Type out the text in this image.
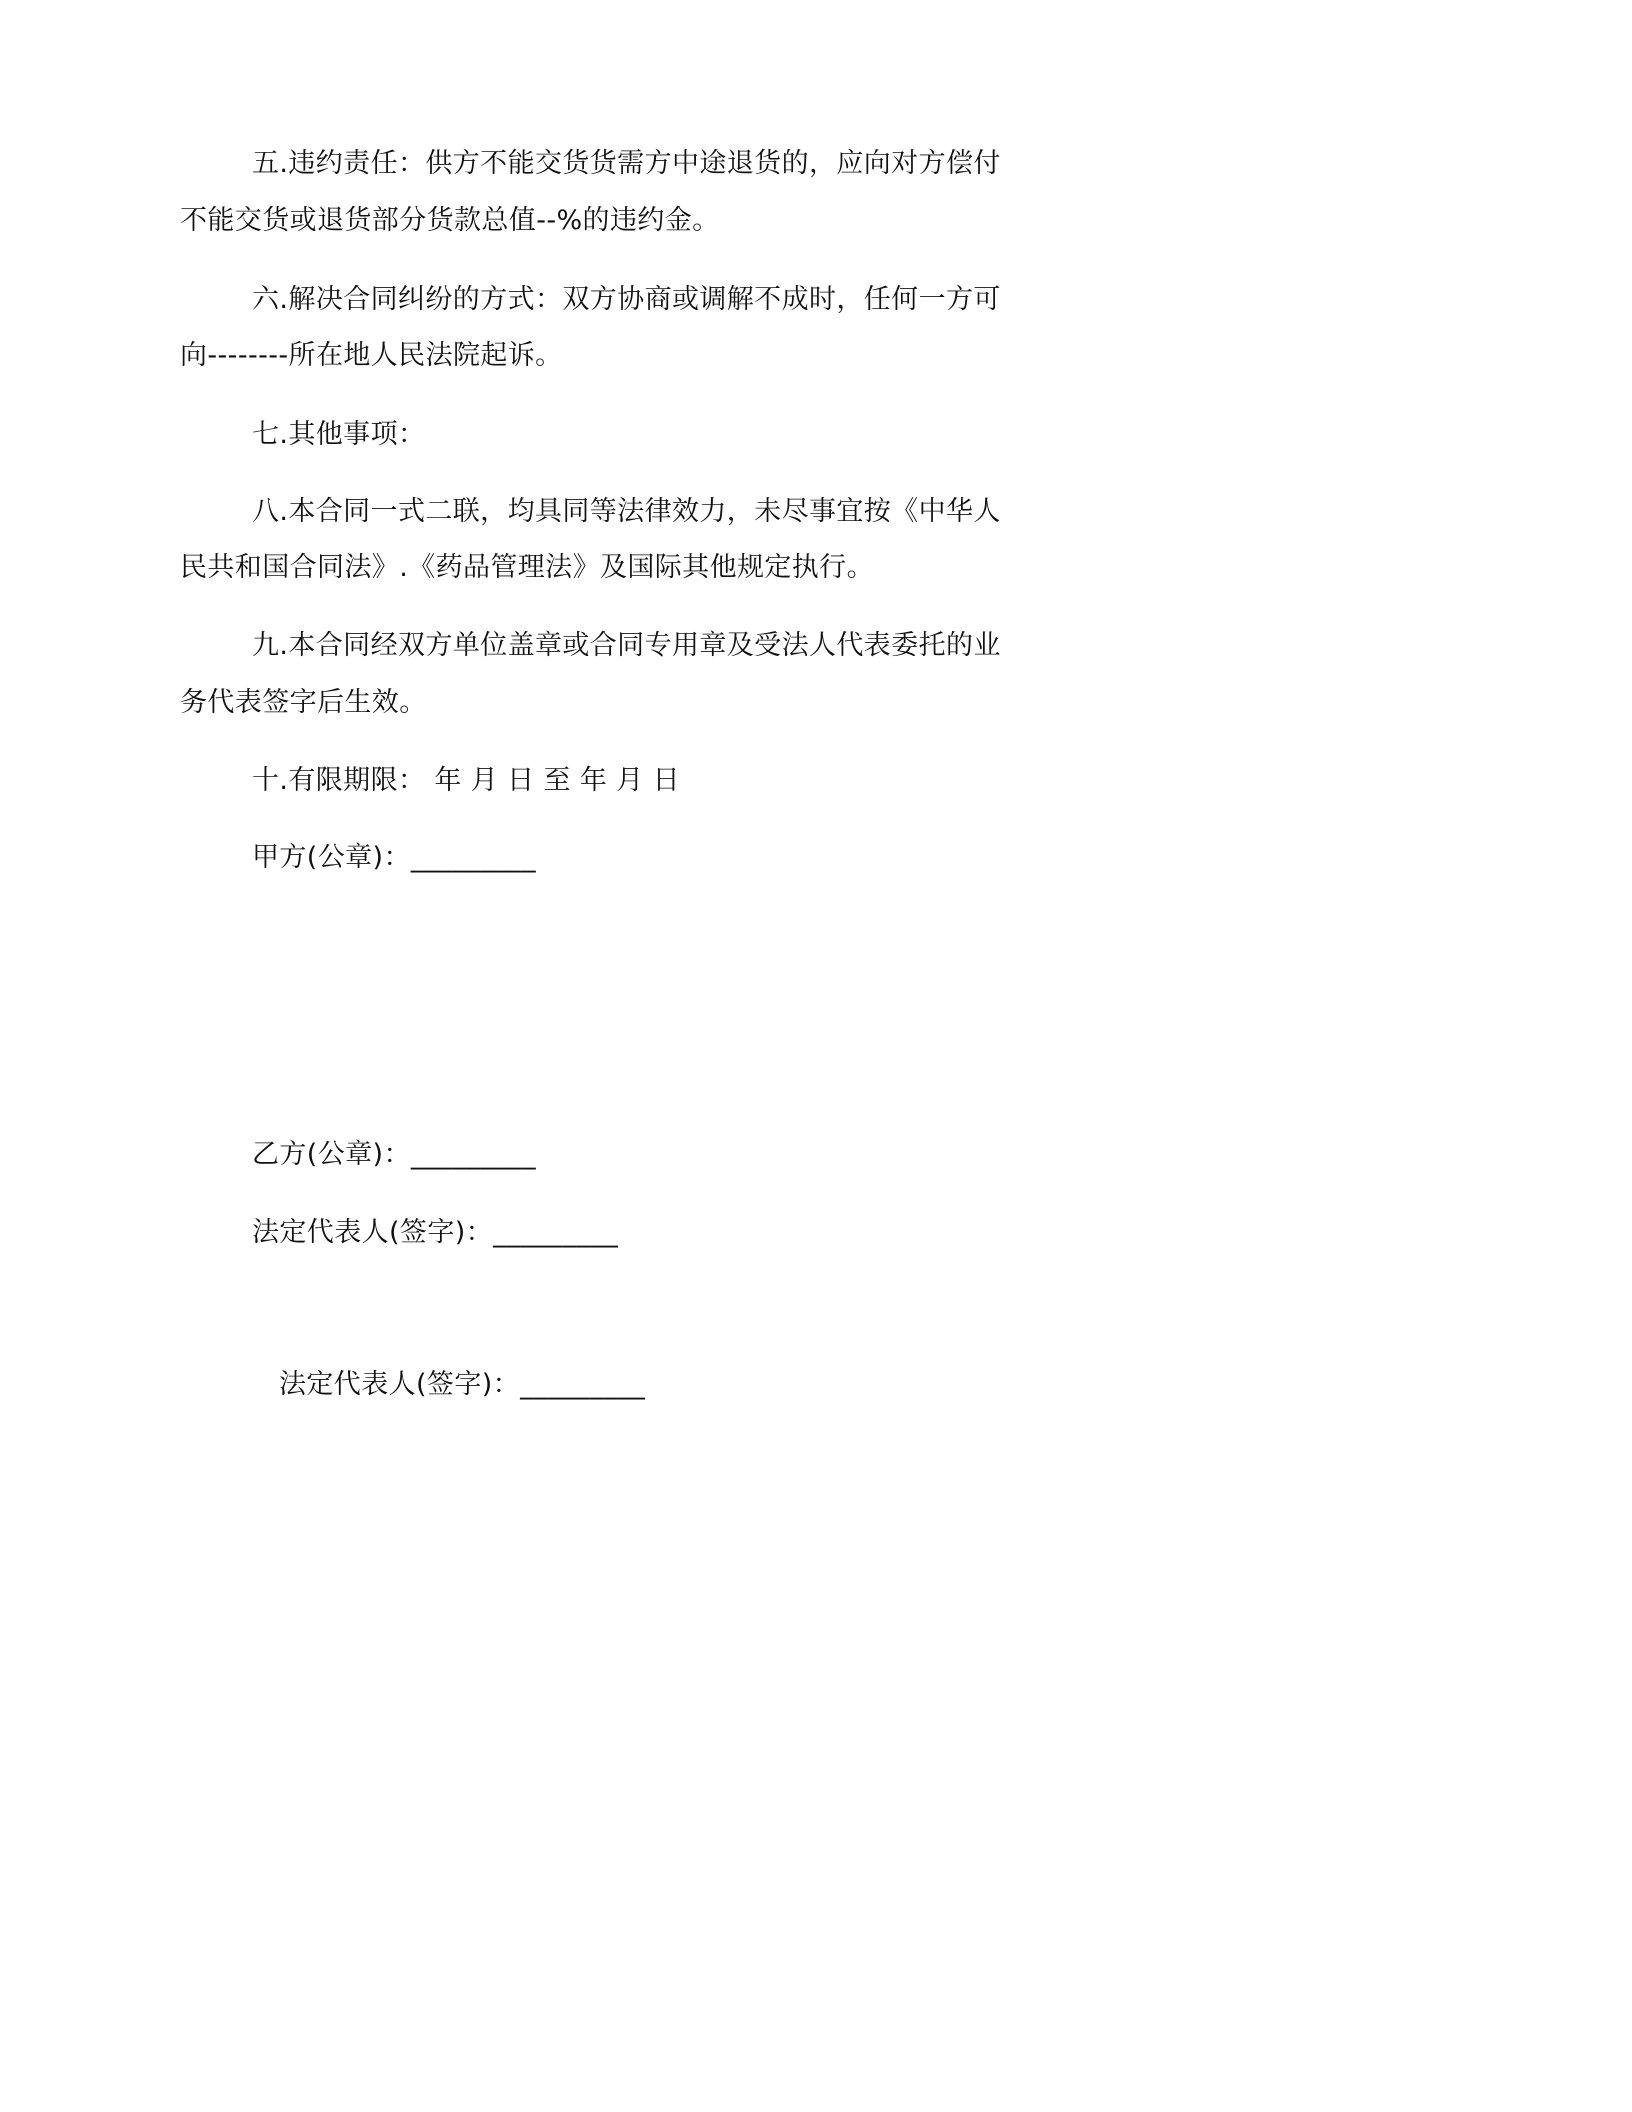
五.违约责任：供方不能交货货需方中途退货的，应向对方偿付

不能交货或退货部分货款总值--%的违约金。

六.解决合同纠纷的方式：双方协商或调解不成时，任何一方可

向--------所在地人民法院起诉。

七.其他事项：

八.本合同一式二联，均具同等法律效力，未尽事宜按《中华人

民共和国合同法》.《药品管理法》及国际其他规定执行。

九.本合同经双方单位盖章或合同专用章及受法人代表委托的业

务代表签字后生效。

十.有限期限： 年 月 日 至 年 月 日

甲方(公章)：_________

乙方(公章)：_________

法定代表人(签字)：_________

法定代表人(签字)：_________
